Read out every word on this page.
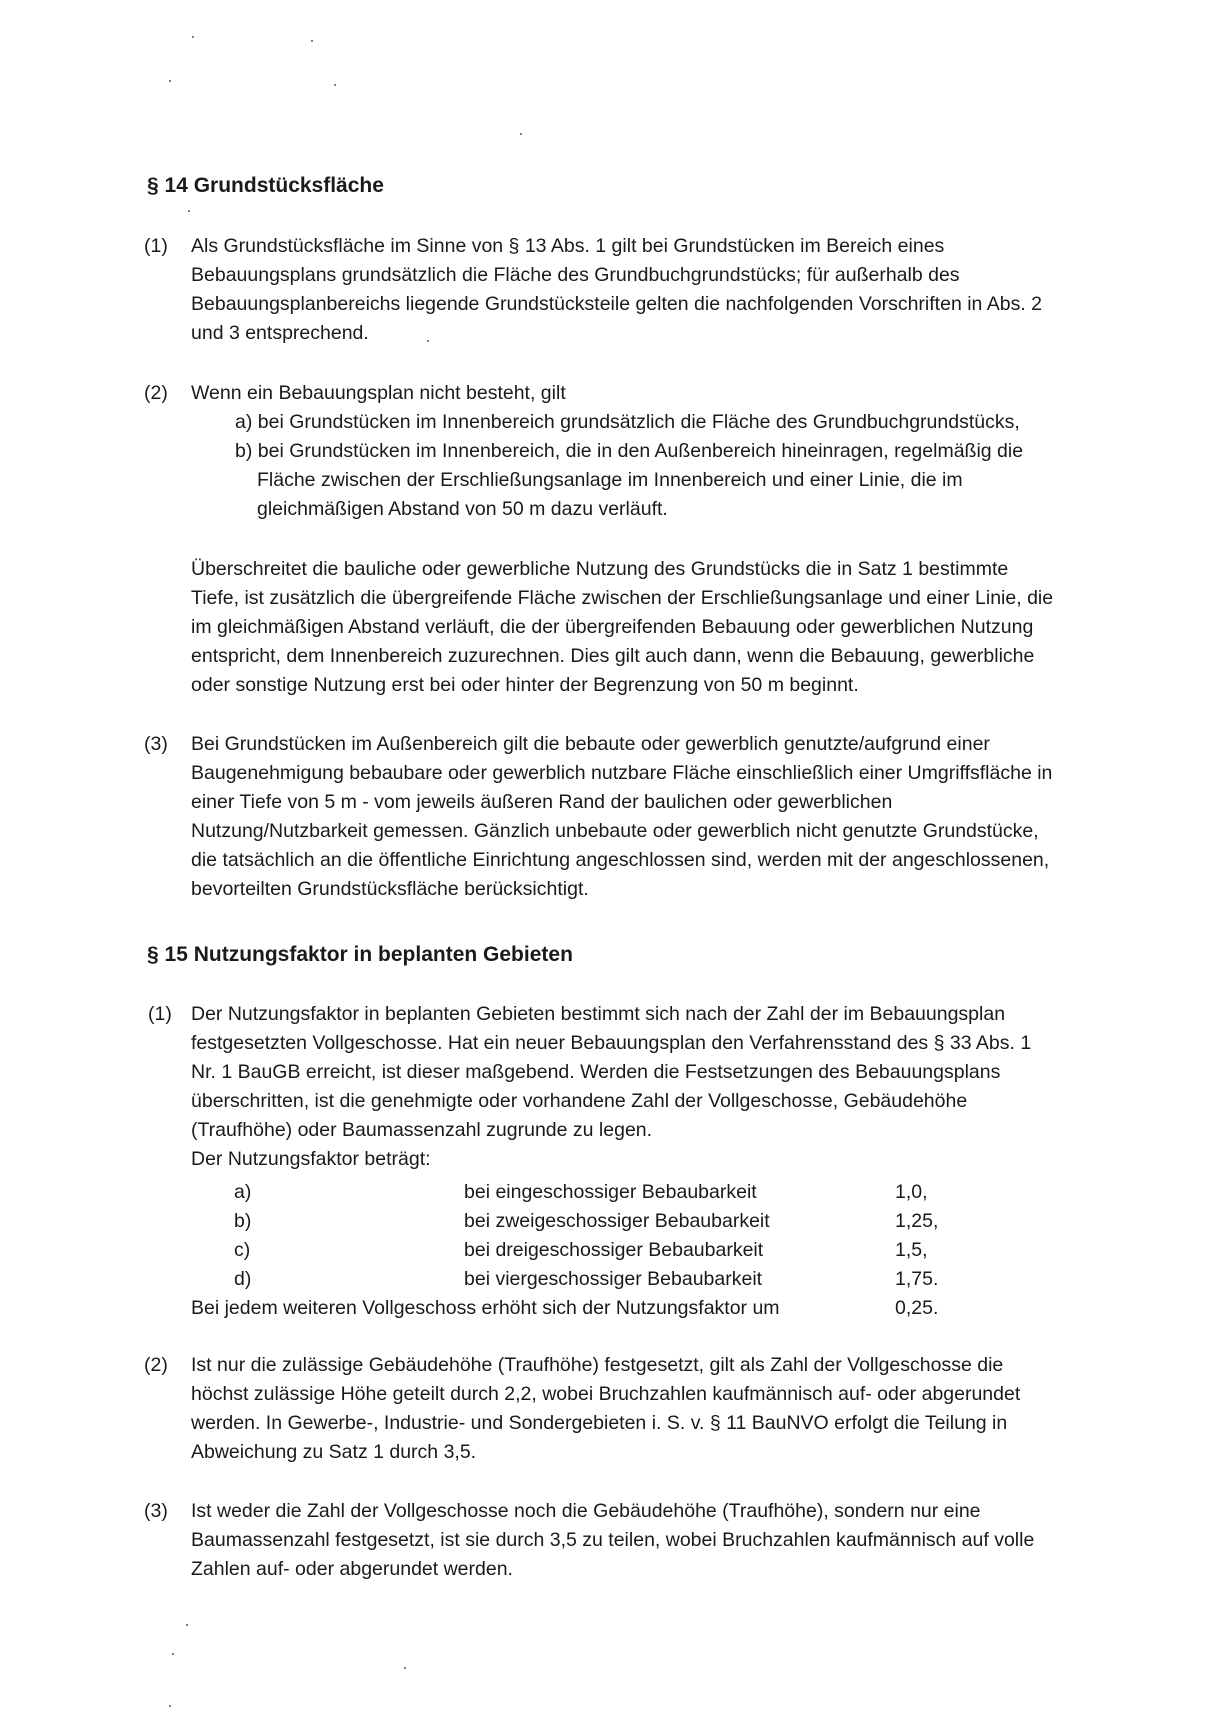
§ 14 Grundstücksfläche
(1) Als Grundstücksfläche im Sinne von § 13 Abs. 1 gilt bei Grundstücken im Bereich eines
Bebauungsplans grundsätzlich die Fläche des Grundbuchgrundstücks; für außerhalb des
Bebauungsplanbereichs liegende Grundstücksteile gelten die nachfolgenden Vorschriften in Abs. 2
und 3 entsprechend.
(2) Wenn ein Bebauungsplan nicht besteht, gilt
a) bei Grundstücken im Innenbereich grundsätzlich die Fläche des Grundbuchgrundstücks,
b) bei Grundstücken im Innenbereich, die in den Außenbereich hineinragen, regelmäßig die
Fläche zwischen der Erschließungsanlage im Innenbereich und einer Linie, die im
gleichmäßigen Abstand von 50 m dazu verläuft.
Überschreitet die bauliche oder gewerbliche Nutzung des Grundstücks die in Satz 1 bestimmte
Tiefe, ist zusätzlich die übergreifende Fläche zwischen der Erschließungsanlage und einer Linie, die
im gleichmäßigen Abstand verläuft, die der übergreifenden Bebauung oder gewerblichen Nutzung
entspricht, dem Innenbereich zuzurechnen. Dies gilt auch dann, wenn die Bebauung, gewerbliche
oder sonstige Nutzung erst bei oder hinter der Begrenzung von 50 m beginnt.
(3) Bei Grundstücken im Außenbereich gilt die bebaute oder gewerblich genutzte/aufgrund einer
Baugenehmigung bebaubare oder gewerblich nutzbare Fläche einschließlich einer Umgriffsfläche in
einer Tiefe von 5 m - vom jeweils äußeren Rand der baulichen oder gewerblichen
Nutzung/Nutzbarkeit gemessen. Gänzlich unbebaute oder gewerblich nicht genutzte Grundstücke,
die tatsächlich an die öffentliche Einrichtung angeschlossen sind, werden mit der angeschlossenen,
bevorteilten Grundstücksfläche berücksichtigt.
§ 15 Nutzungsfaktor in beplanten Gebieten
(1) Der Nutzungsfaktor in beplanten Gebieten bestimmt sich nach der Zahl der im Bebauungsplan
festgesetzten Vollgeschosse. Hat ein neuer Bebauungsplan den Verfahrensstand des § 33 Abs. 1
Nr. 1 BauGB erreicht, ist dieser maßgebend. Werden die Festsetzungen des Bebauungsplans
überschritten, ist die genehmigte oder vorhandene Zahl der Vollgeschosse, Gebäudehöhe
(Traufhöhe) oder Baumassenzahl zugrunde zu legen.
Der Nutzungsfaktor beträgt:
a)	bei eingeschossiger Bebaubarkeit	1,0,
b)	bei zweigeschossiger Bebaubarkeit	1,25,
c)	bei dreigeschossiger Bebaubarkeit	1,5,
d)	bei viergeschossiger Bebaubarkeit	1,75.
Bei jedem weiteren Vollgeschoss erhöht sich der Nutzungsfaktor um	0,25.
(2) Ist nur die zulässige Gebäudehöhe (Traufhöhe) festgesetzt, gilt als Zahl der Vollgeschosse die
höchst zulässige Höhe geteilt durch 2,2, wobei Bruchzahlen kaufmännisch auf- oder abgerundet
werden. In Gewerbe-, Industrie- und Sondergebieten i. S. v. § 11 BauNVO erfolgt die Teilung in
Abweichung zu Satz 1 durch 3,5.
(3) Ist weder die Zahl der Vollgeschosse noch die Gebäudehöhe (Traufhöhe), sondern nur eine
Baumassenzahl festgesetzt, ist sie durch 3,5 zu teilen, wobei Bruchzahlen kaufmännisch auf volle
Zahlen auf- oder abgerundet werden.
